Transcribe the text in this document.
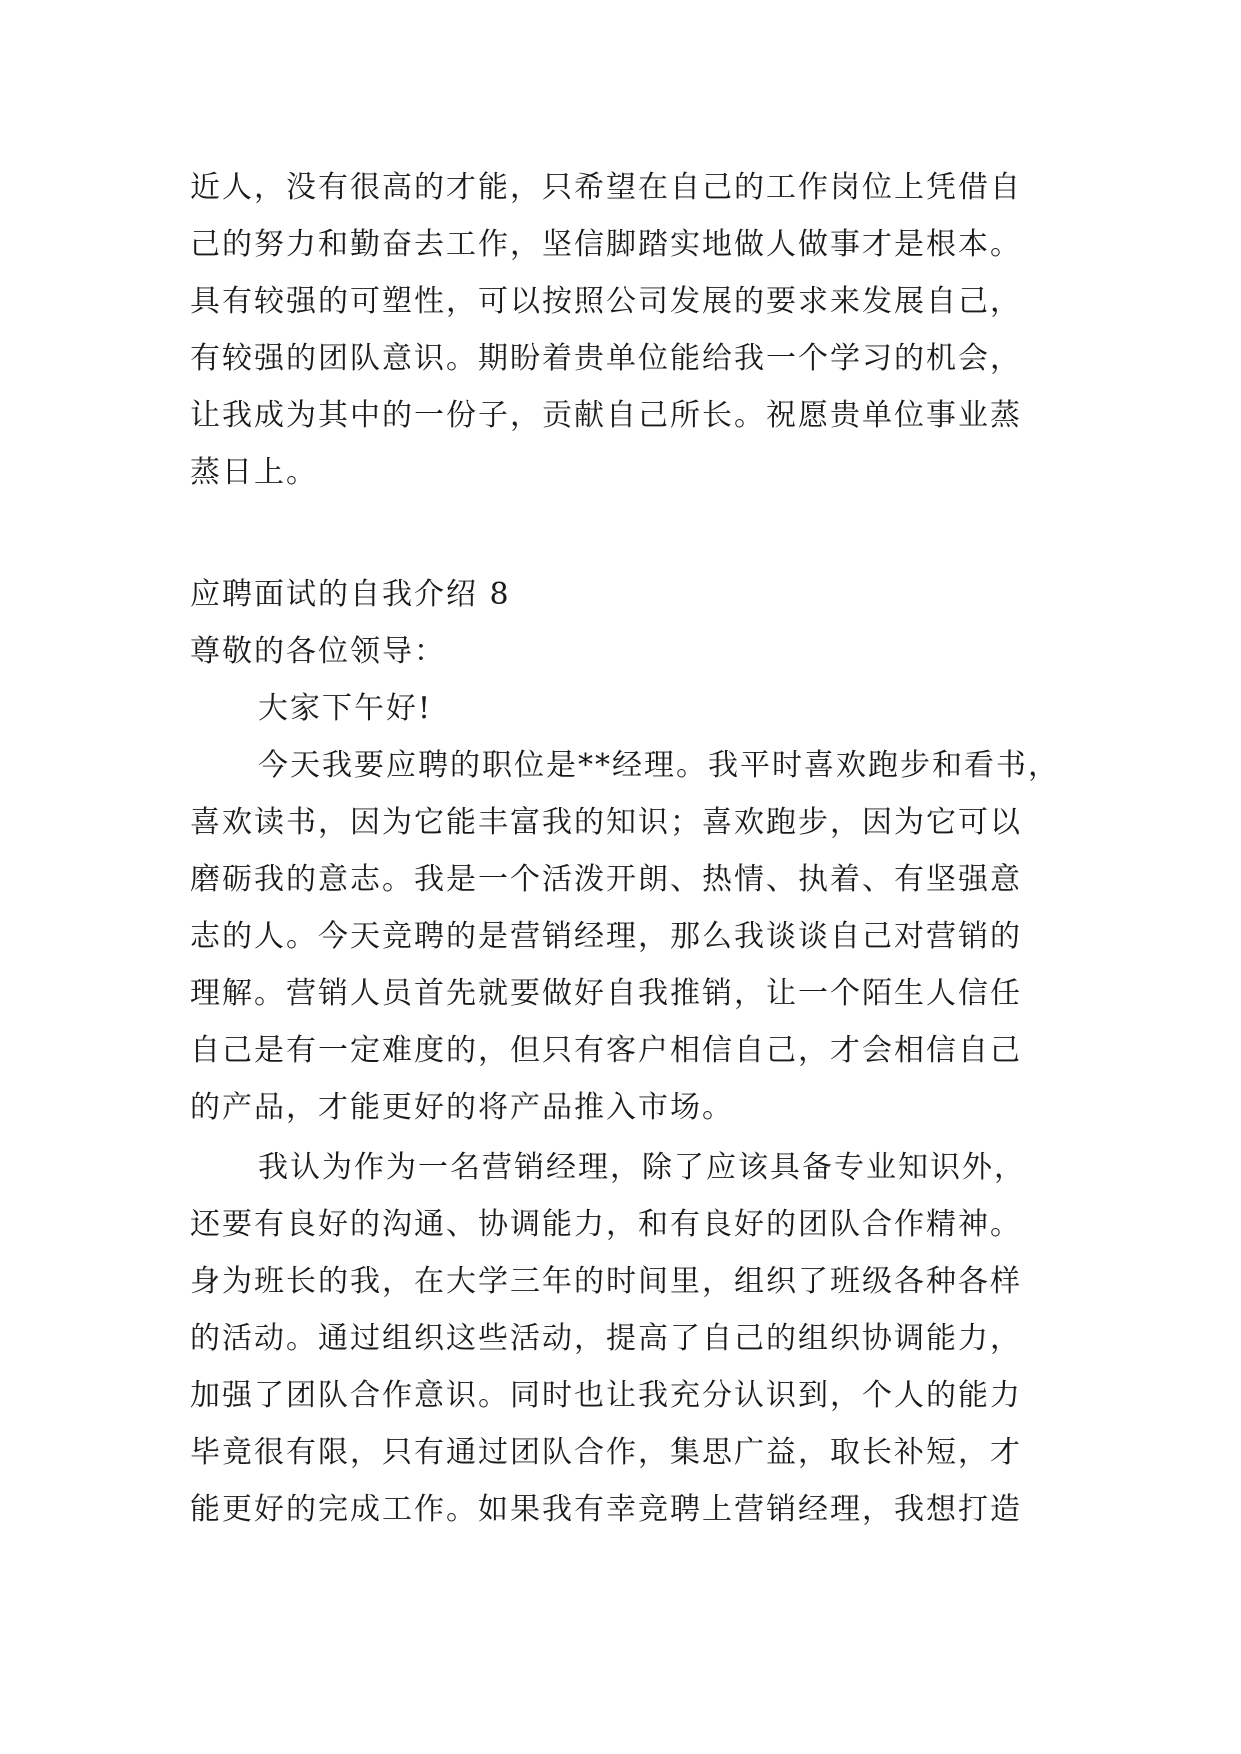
近人，没有很高的才能，只希望在自己的工作岗位上凭借自
己的努力和勤奋去工作，坚信脚踏实地做人做事才是根本。
具有较强的可塑性，可以按照公司发展的要求来发展自己，
有较强的团队意识。期盼着贵单位能给我一个学习的机会，
让我成为其中的一份子，贡献自己所长。祝愿贵单位事业蒸
蒸日上。
应聘面试的自我介绍 8
尊敬的各位领导：
大家下午好!
今天我要应聘的职位是**经理。我平时喜欢跑步和看书，
喜欢读书，因为它能丰富我的知识；喜欢跑步，因为它可以
磨砺我的意志。我是一个活泼开朗、热情、执着、有坚强意
志的人。今天竞聘的是营销经理，那么我谈谈自己对营销的
理解。营销人员首先就要做好自我推销，让一个陌生人信任
自己是有一定难度的，但只有客户相信自己，才会相信自己
的产品，才能更好的将产品推入市场。
我认为作为一名营销经理，除了应该具备专业知识外，
还要有良好的沟通、协调能力，和有良好的团队合作精神。
身为班长的我，在大学三年的时间里，组织了班级各种各样
的活动。通过组织这些活动，提高了自己的组织协调能力，
加强了团队合作意识。同时也让我充分认识到，个人的能力
毕竟很有限，只有通过团队合作，集思广益，取长补短，才
能更好的完成工作。如果我有幸竞聘上营销经理，我想打造
